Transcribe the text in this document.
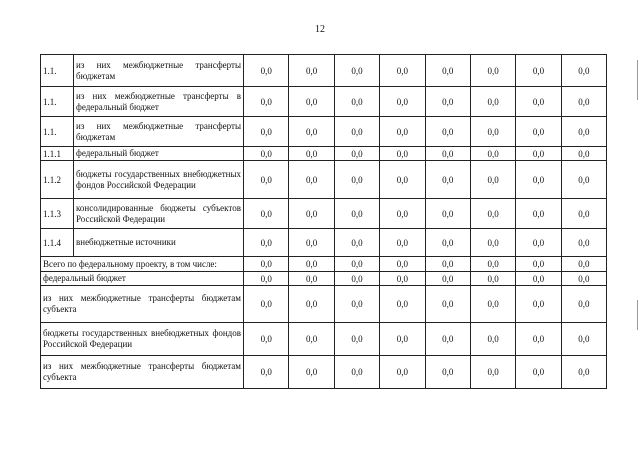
12
1.1.	из них межбюджетные трансферты бюджетам	0,0	0,0	0,0	0,0	0,0	0,0	0,0	0,0
1.1.	из них межбюджетные трансферты в федеральный бюджет	0,0	0,0	0,0	0,0	0,0	0,0	0,0	0,0
1.1.	из них межбюджетные трансферты бюджетам	0,0	0,0	0,0	0,0	0,0	0,0	0,0	0,0
1.1.1	федеральный бюджет	0,0	0,0	0,0	0,0	0,0	0,0	0,0	0,0
1.1.2	бюджеты государственных внебюджетных фондов Российской Федерации	0,0	0,0	0,0	0,0	0,0	0,0	0,0	0,0
1.1.3	консолидированные бюджеты субъектов Российской Федерации	0,0	0,0	0,0	0,0	0,0	0,0	0,0	0,0
1.1.4	внебюджетные источники	0,0	0,0	0,0	0,0	0,0	0,0	0,0	0,0
Всего по федеральному проекту, в том числе:		0,0	0,0	0,0	0,0	0,0	0,0	0,0	0,0
федеральный бюджет		0,0	0,0	0,0	0,0	0,0	0,0	0,0	0,0
из них межбюджетные трансферты бюджетам субъекта		0,0	0,0	0,0	0,0	0,0	0,0	0,0	0,0
бюджеты государственных внебюджетных фондов Российской Федерации		0,0	0,0	0,0	0,0	0,0	0,0	0,0	0,0
из них межбюджетные трансферты бюджетам субъекта		0,0	0,0	0,0	0,0	0,0	0,0	0,0	0,0
